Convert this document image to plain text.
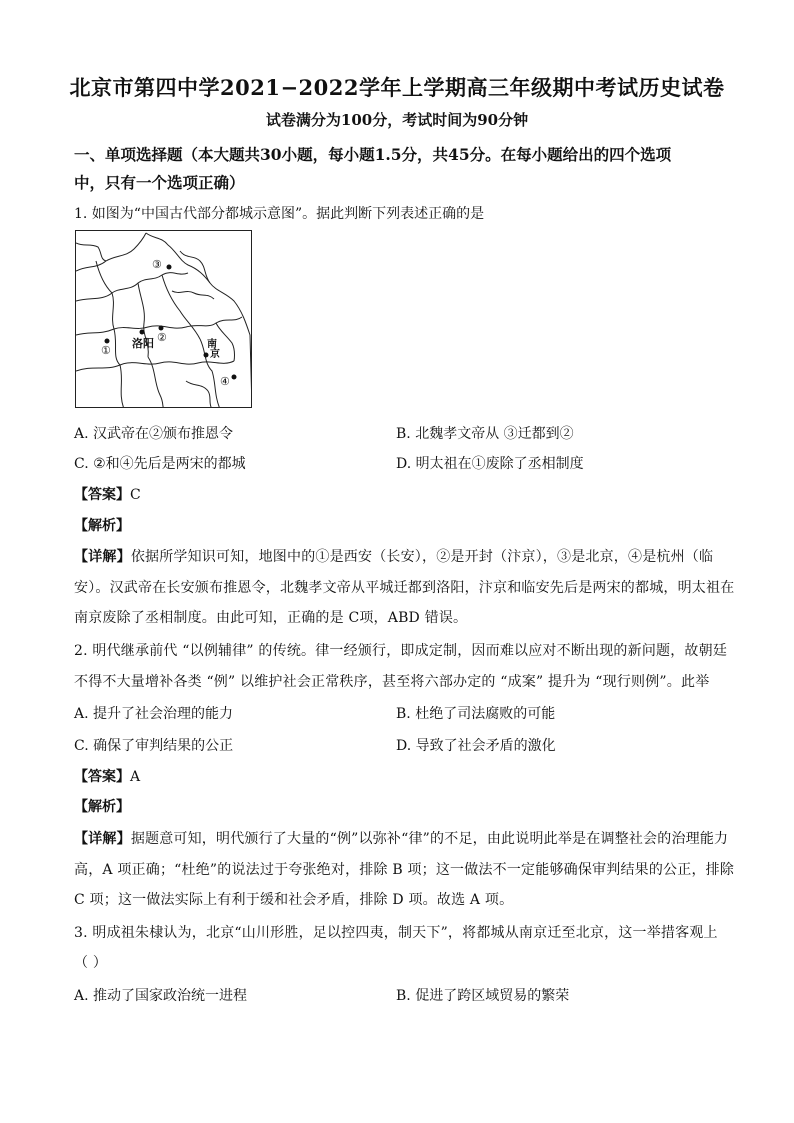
北京市第四中学2021−2022学年上学期高三年级期中考试历史试卷
试卷满分为100分，考试时间为90分钟
一、单项选择题（本大题共30小题，每小题1.5分，共45分。在每小题给出的四个选项
中，只有一个选项正确）
1. 如图为“中国古代部分都城示意图”。据此判断下列表述正确的是
③
洛阳 ②
①	南
京
④
A. 汉武帝在②颁布推恩令	B. 北魏孝文帝从 ③迁都到②
C. ②和④先后是两宋的都城	D. 明太祖在①废除了丞相制度
【答案】C
【解析】
【详解】依据所学知识可知，地图中的①是西安（长安），②是开封（汴京），③是北京，④是杭州（临
安）。汉武帝在长安颁布推恩令，北魏孝文帝从平城迁都到洛阳，汴京和临安先后是两宋的都城，明太祖在
南京废除了丞相制度。由此可知，正确的是 C项，ABD 错误。
2. 明代继承前代 “以例辅律” 的传统。律一经颁行，即成定制，因而难以应对不断出现的新问题，故朝廷
不得不大量增补各类 “例” 以维护社会正常秩序，甚至将六部办定的 “成案” 提升为 “现行则例”。此举
A. 提升了社会治理的能力	B. 杜绝了司法腐败的可能
C. 确保了审判结果的公正	D. 导致了社会矛盾的激化
【答案】A
【解析】
【详解】据题意可知，明代颁行了大量的“例”以弥补“律”的不足，由此说明此举是在调整社会的治理能力
高，A 项正确；“杜绝”的说法过于夸张绝对，排除 B 项；这一做法不一定能够确保审判结果的公正，排除
C 项；这一做法实际上有利于缓和社会矛盾，排除 D 项。故选 A 项。
3. 明成祖朱棣认为，北京“山川形胜，足以控四夷，制天下”，将都城从南京迁至北京，这一举措客观上
（ ）
A. 推动了国家政治统一进程	B. 促进了跨区域贸易的繁荣
